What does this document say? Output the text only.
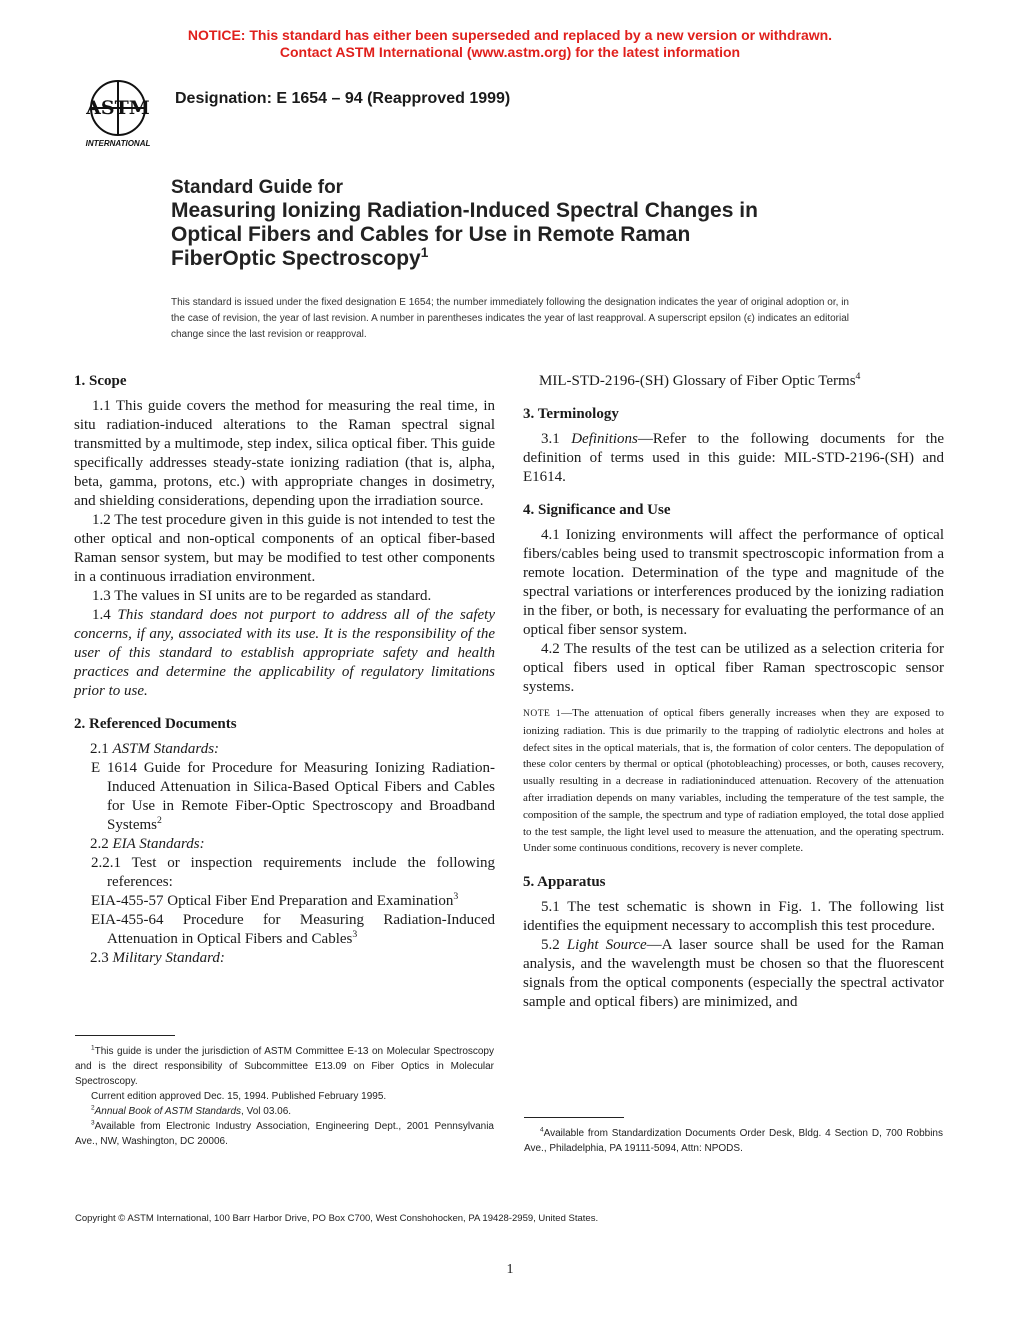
NOTICE: This standard has either been superseded and replaced by a new version or withdrawn.
Contact ASTM International (www.astm.org) for the latest information
ASTM
INTERNATIONAL
Designation: E 1654 – 94 (Reapproved 1999)
Standard Guide for
Measuring Ionizing Radiation-Induced Spectral Changes in
Optical Fibers and Cables for Use in Remote Raman
FiberOptic Spectroscopy$^1$
This standard is issued under the fixed designation E 1654; the number immediately following the designation indicates the year of original adoption or, in the case of revision, the year of last revision. A number in parentheses indicates the year of last reapproval. A superscript epsilon (ϵ) indicates an editorial change since the last revision or reapproval.
1. Scope

1.1 This guide covers the method for measuring the real time, in situ radiation-induced alterations to the Raman spectral signal transmitted by a multimode, step index, silica optical fiber. This guide specifically addresses steady-state ionizing radiation (that is, alpha, beta, gamma, protons, etc.) with appropriate changes in dosimetry, and shielding considerations, depending upon the irradiation source.

1.2 The test procedure given in this guide is not intended to test the other optical and non-optical components of an optical fiber-based Raman sensor system, but may be modified to test other components in a continuous irradiation environment.

1.3 The values in SI units are to be regarded as standard.

1.4 This standard does not purport to address all of the safety concerns, if any, associated with its use. It is the responsibility of the user of this standard to establish appropriate safety and health practices and determine the applicability of regulatory limitations prior to use.

2. Referenced Documents

2.1 ASTM Standards:

E 1614 Guide for Procedure for Measuring Ionizing Radiation-Induced Attenuation in Silica-Based Optical Fibers and Cables for Use in Remote Fiber-Optic Spectroscopy and Broadband Systems$^2$

2.2 EIA Standards:

2.2.1 Test or inspection requirements include the following references:

EIA-455-57 Optical Fiber End Preparation and Examination$^3$

EIA-455-64 Procedure for Measuring Radiation-Induced Attenuation in Optical Fibers and Cables$^3$

2.3 Military Standard:

$^1$This guide is under the jurisdiction of ASTM Committee E-13 on Molecular Spectroscopy and is the direct responsibility of Subcommittee E13.09 on Fiber Optics in Molecular Spectroscopy.

Current edition approved Dec. 15, 1994. Published February 1995.

$^2$Annual Book of ASTM Standards, Vol 03.06.

$^3$Available from Electronic Industry Association, Engineering Dept., 2001 Pennsylvania Ave., NW, Washington, DC 20006.

MIL-STD-2196-(SH) Glossary of Fiber Optic Terms$^4$

3. Terminology

3.1 Definitions—Refer to the following documents for the definition of terms used in this guide: MIL-STD-2196-(SH) and E1614.

4. Significance and Use

4.1 Ionizing environments will affect the performance of optical fibers/cables being used to transmit spectroscopic information from a remote location. Determination of the type and magnitude of the spectral variations or interferences produced by the ionizing radiation in the fiber, or both, is necessary for evaluating the performance of an optical fiber sensor system.

4.2 The results of the test can be utilized as a selection criteria for optical fibers used in optical fiber Raman spectroscopic sensor systems.

NOTE 1—The attenuation of optical fibers generally increases when they are exposed to ionizing radiation. This is due primarily to the trapping of radiolytic electrons and holes at defect sites in the optical materials, that is, the formation of color centers. The depopulation of these color centers by thermal or optical (photobleaching) processes, or both, causes recovery, usually resulting in a decrease in radiationinduced attenuation. Recovery of the attenuation after irradiation depends on many variables, including the temperature of the test sample, the composition of the sample, the spectrum and type of radiation employed, the total dose applied to the test sample, the light level used to measure the attenuation, and the operating spectrum. Under some continuous conditions, recovery is never complete.

5. Apparatus

5.1 The test schematic is shown in Fig. 1. The following list identifies the equipment necessary to accomplish this test procedure.

5.2 Light Source—A laser source shall be used for the Raman analysis, and the wavelength must be chosen so that the fluorescent signals from the optical components (especially the spectral activator sample and optical fibers) are minimized, and

$^4$Available from Standardization Documents Order Desk, Bldg. 4 Section D, 700 Robbins Ave., Philadelphia, PA 19111-5094, Attn: NPODS.

Copyright © ASTM International, 100 Barr Harbor Drive, PO Box C700, West Conshohocken, PA 19428-2959, United States.
1
